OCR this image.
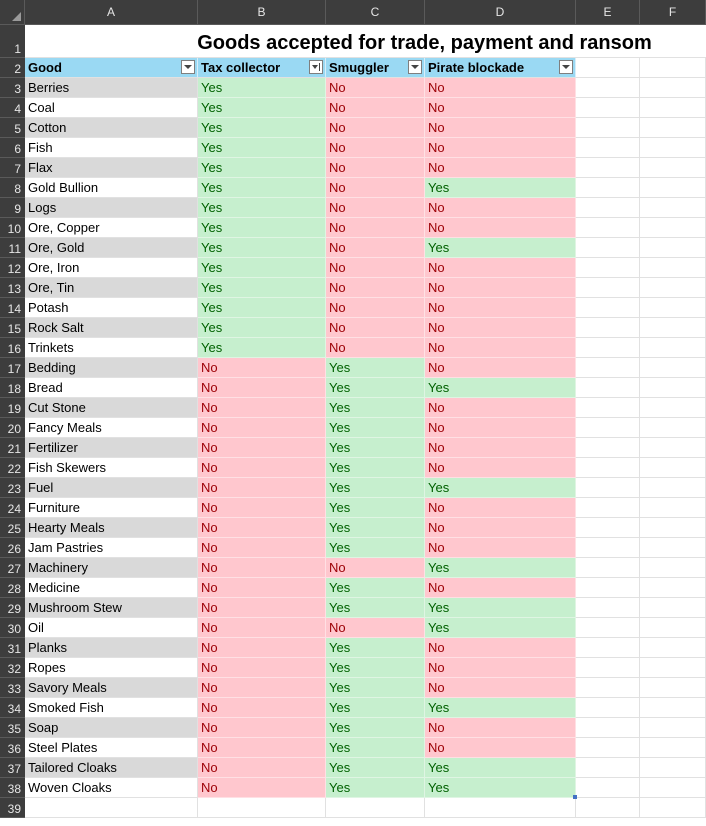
A	B	C	D	E	F
1	Goods accepted for trade, payment and ransom
2 Good	Tax collector	Smuggler	Pirate blockade
3 Berries	Yes	No	No
4 Coal	Yes	No	No
5 Cotton	Yes	No	No
6 Fish	Yes	No	No
7 Flax	Yes	No	No
8 Gold Bullion	Yes	No	Yes
9 Logs	Yes	No	No
10 Ore, Copper	Yes	No	No
11 Ore, Gold	Yes	No	Yes
12 Ore, Iron	Yes	No	No
13 Ore, Tin	Yes	No	No
14 Potash	Yes	No	No
15 Rock Salt	Yes	No	No
16 Trinkets	Yes	No	No
17 Bedding	No	Yes	No
18 Bread	No	Yes	Yes
19 Cut Stone	No	Yes	No
20 Fancy Meals	No	Yes	No
21 Fertilizer	No	Yes	No
22 Fish Skewers	No	Yes	No
23 Fuel	No	Yes	Yes
24 Furniture	No	Yes	No
25 Hearty Meals	No	Yes	No
26 Jam Pastries	No	Yes	No
27 Machinery	No	No	Yes
28 Medicine	No	Yes	No
29 Mushroom Stew	No	Yes	Yes
30 Oil	No	No	Yes
31 Planks	No	Yes	No
32 Ropes	No	Yes	No
33 Savory Meals	No	Yes	No
34 Smoked Fish	No	Yes	Yes
35 Soap	No	Yes	No
36 Steel Plates	No	Yes	No
37 Tailored Cloaks	No	Yes	Yes
38 Woven Cloaks	No	Yes	Yes
39
